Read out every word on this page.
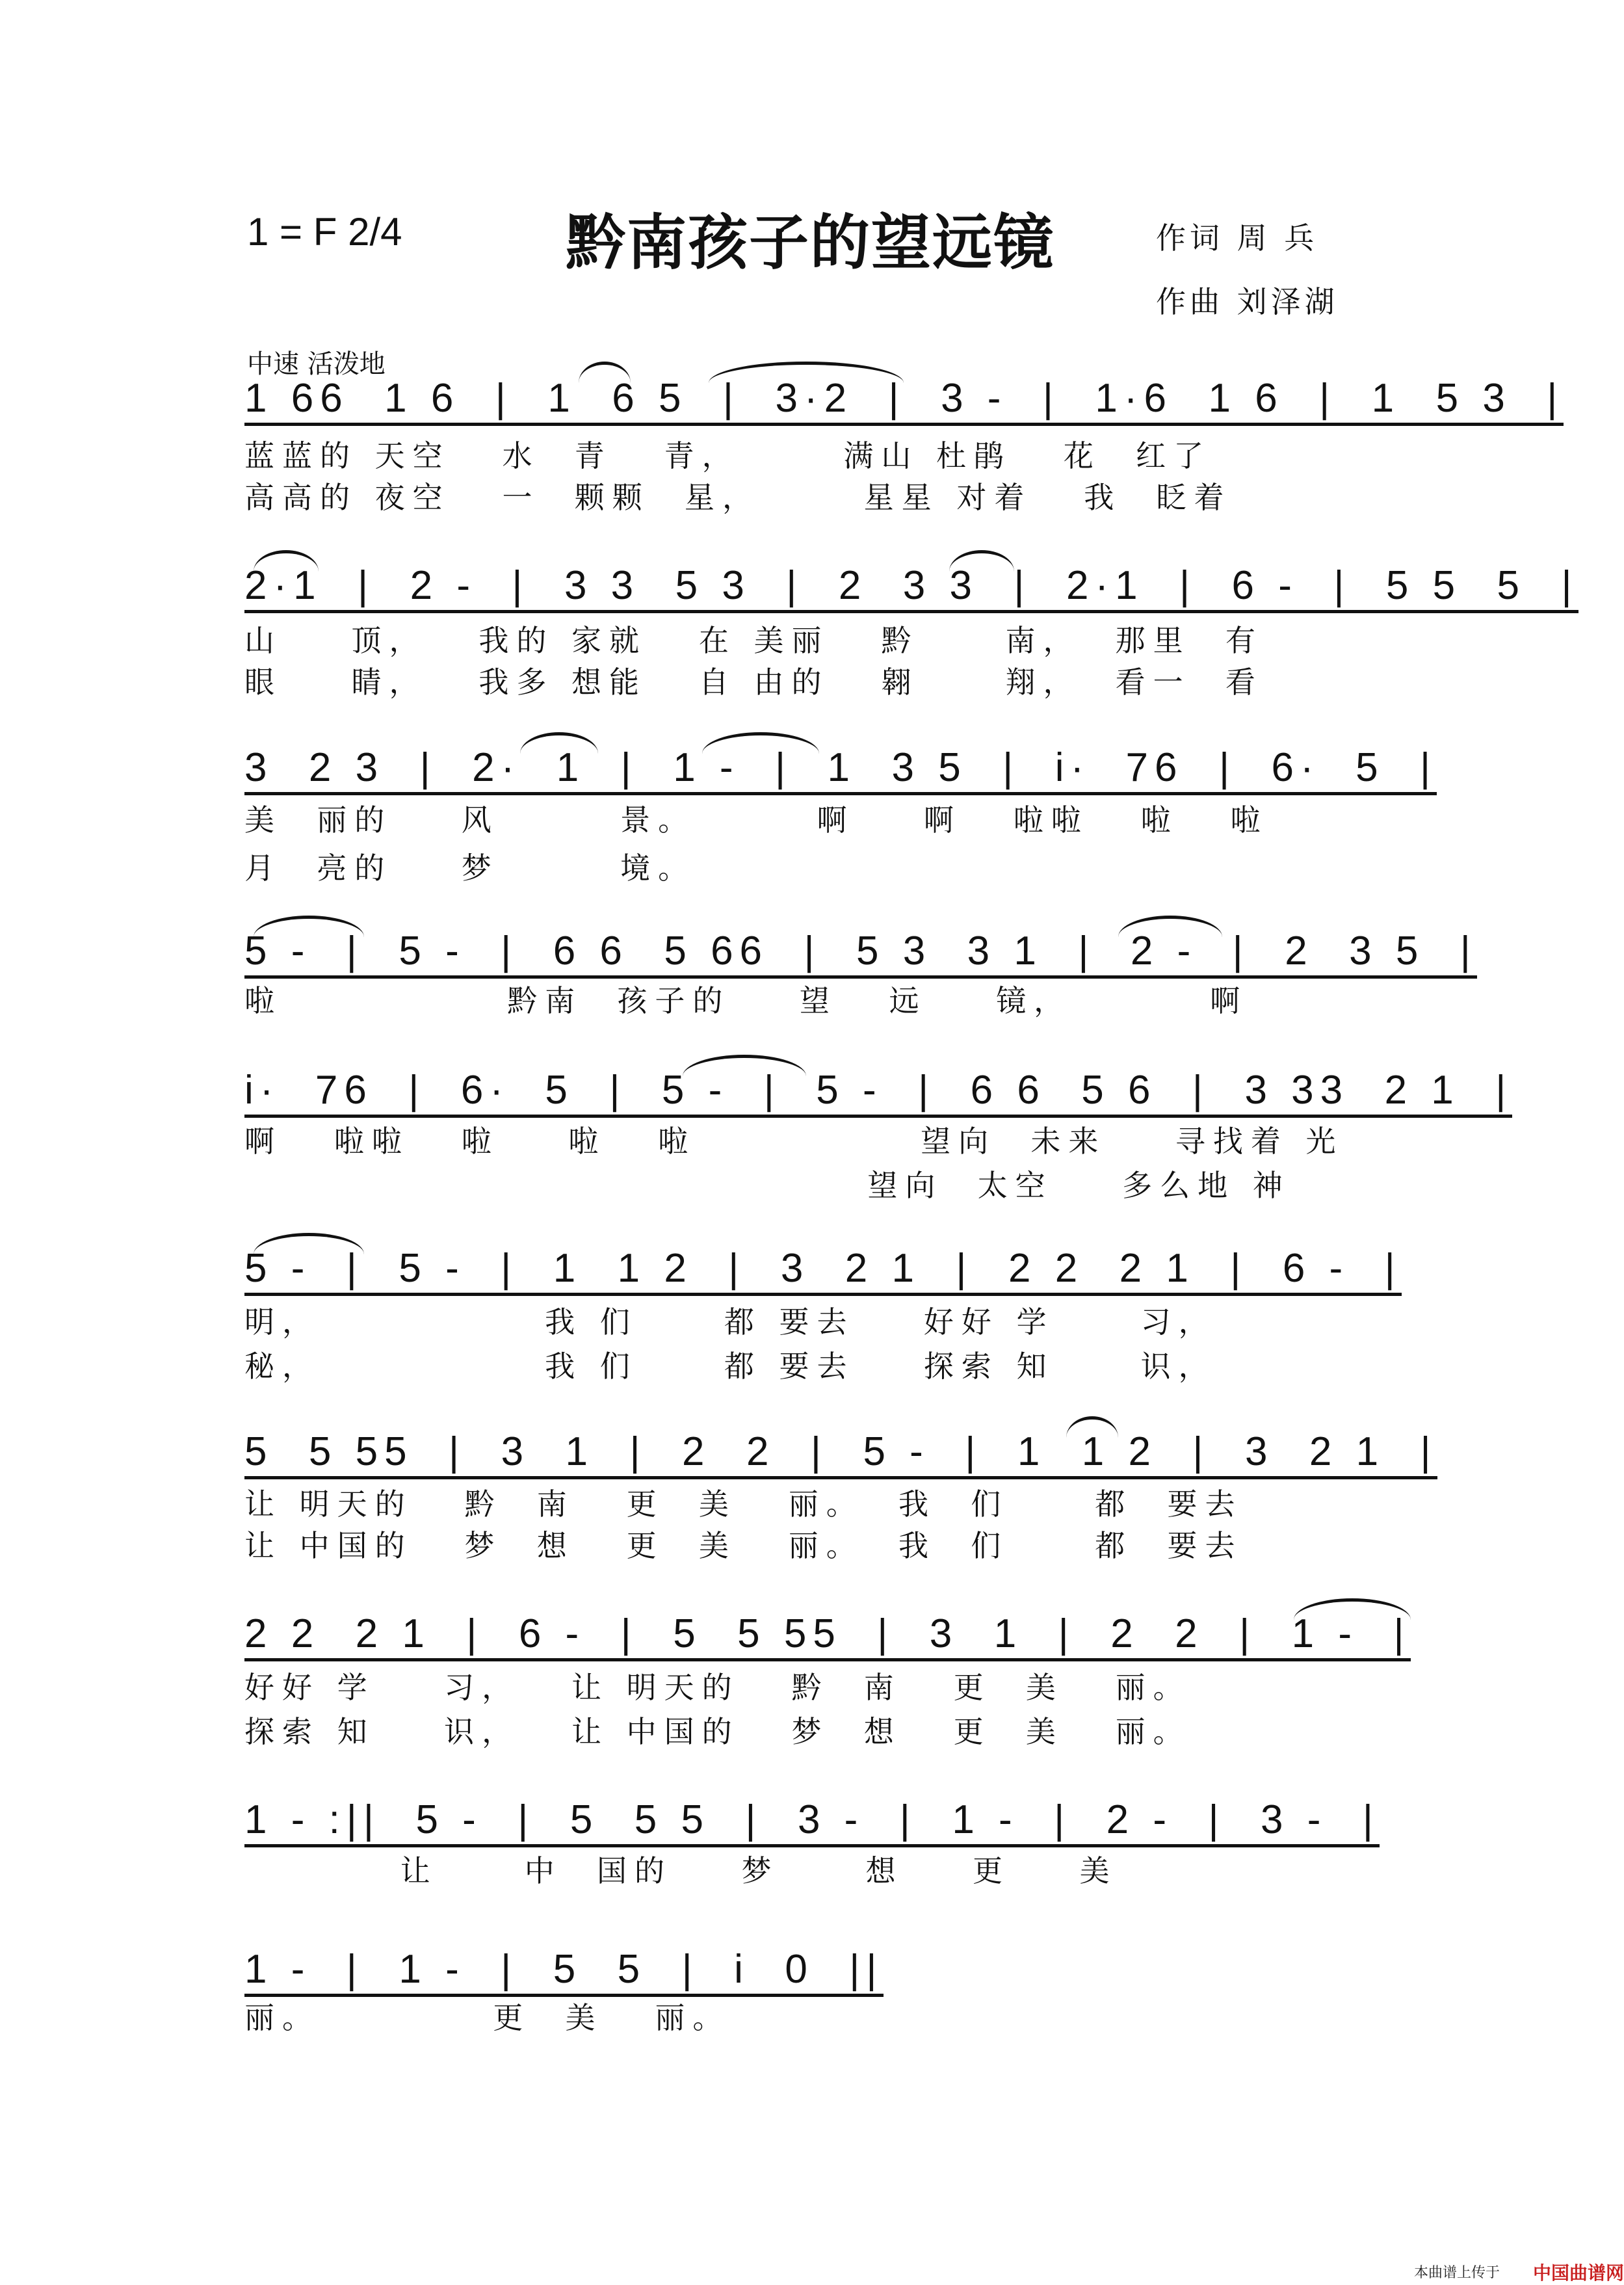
1 = F 2/4	黔南孩子的望远镜	作词 周 兵
作曲 刘泽湖
中速 活泼地
1 66  1 6  |  1  6 5  |  3·2  |  3 -  |  1·6  1 6  |  1  5 3  |
蓝蓝的 天空   水  青   青，      满山 杜鹃   花  红了
高高的 夜空   一  颗颗  星，      星星 对着   我  眨着
2·1  |  2 -  |  3 3  5 3  |  2  3 3  |  2·1  |  6 -  |  5 5  5  |
山    顶，   我的 家就   在 美丽   黔     南，  那里  有
眼    睛，   我多 想能   自 由的   翱     翔，  看一  看
3  2 3  |  2·  1  |  1 -  |  1  3 5  |  i·  76  |  6·  5  |
美  丽的    风       景。       啊    啊   啦啦   啦   啦
月  亮的    梦       境。
5 -  |  5 -  |  6 6  5 66  |  5 3  3 1  |  2 -  |  2  3 5  |
啦             黔南  孩子的    望   远    镜，        啊
i·  76  |  6·  5  |  5 -  |  5 -  |  6 6  5 6  |  3 33  2 1  |
啊   啦啦   啦    啦   啦             望向  未来    寻找着 光
望向  太空    多么地 神
5 -  |  5 -  |  1  1 2  |  3  2 1  |  2 2  2 1  |  6 -  |
明，             我 们     都 要去    好好 学     习，
秘，             我 们     都 要去    探索 知     识，
5  5 55  |  3  1  |  2  2  |  5 -  |  1  1 2  |  3  2 1  |
让 明天的   黔  南   更  美   丽。  我  们     都  要去
让 中国的   梦  想   更  美   丽。  我  们     都  要去
2 2  2 1  |  6 -  |  5  5 55  |  3  1  |  2  2  |  1 -  |
好好 学    习，   让 明天的   黔  南   更  美   丽。
探索 知    识，   让 中国的   梦  想   更  美   丽。
1 - :||  5 -  |  5  5 5  |  3 -  |  1 -  |  2 -  |  3 -  |
让     中  国的    梦     想    更    美
1 -  |  1 -  |  5  5  |  i  0  ||
丽。          更  美   丽。
本曲谱上传于 中国曲谱网
